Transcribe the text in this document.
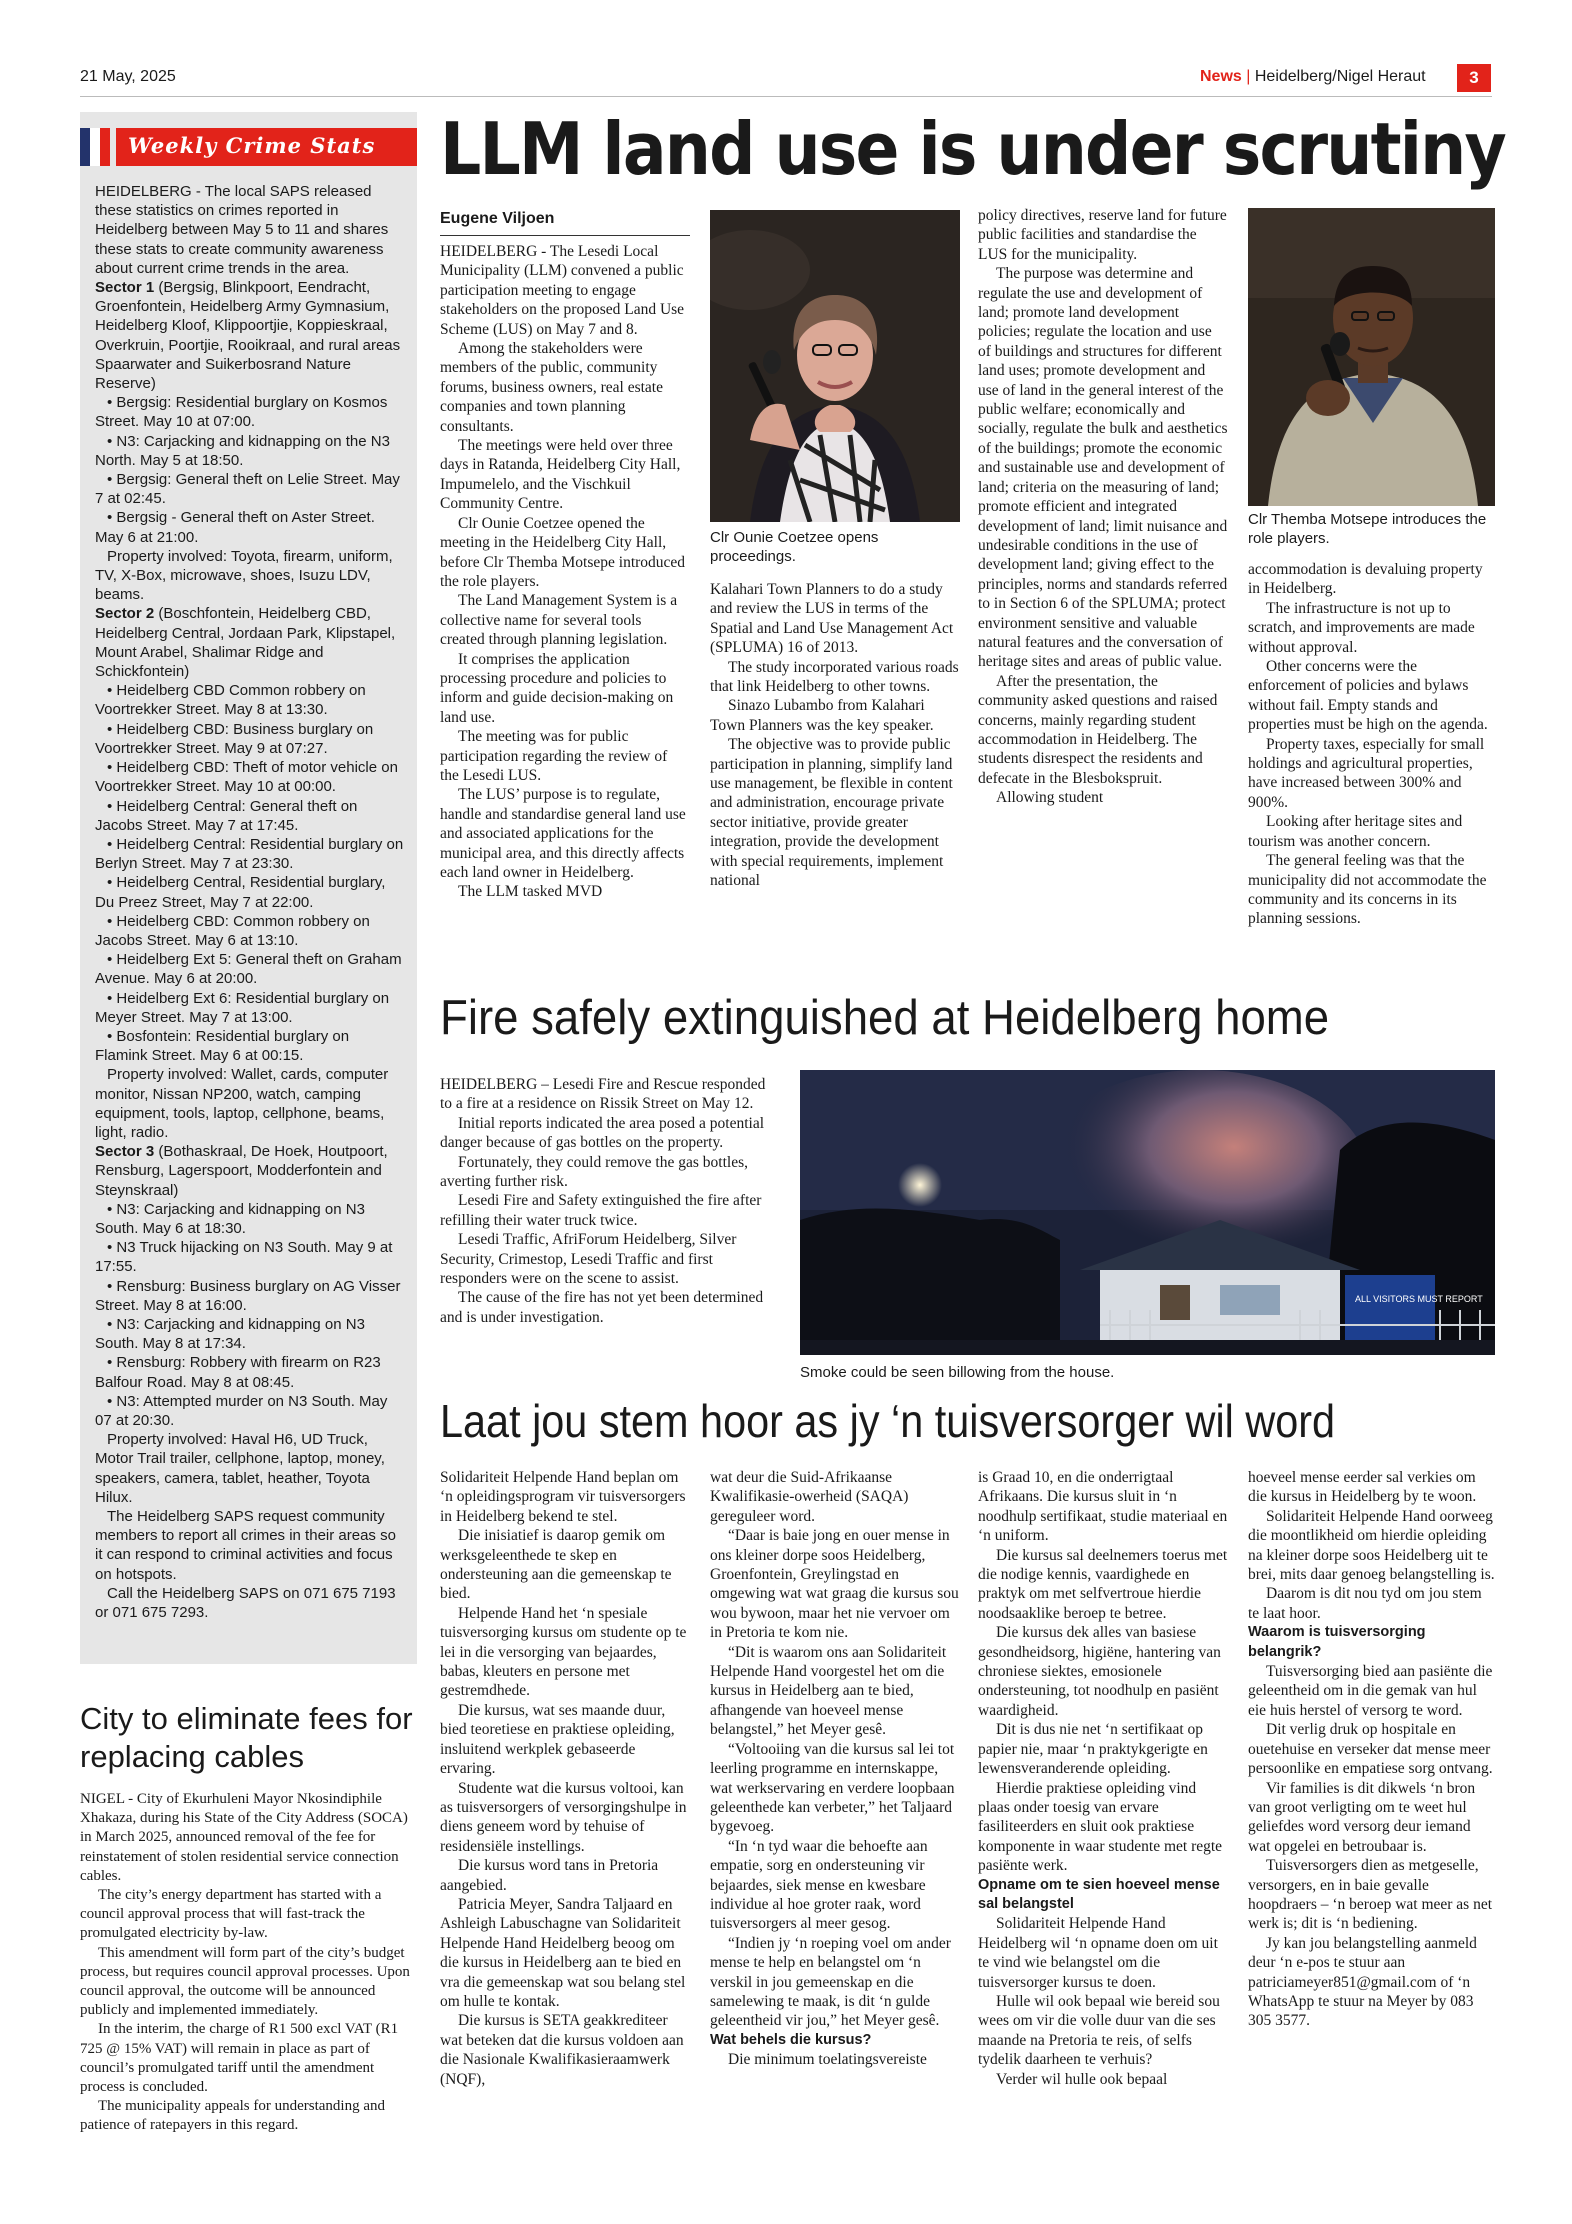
21 May, 2025	News | Heidelberg/Nigel Heraut	3
Weekly Crime Stats

HEIDELBERG - The local SAPS released these statistics on crimes reported in Heidelberg between May 5 to 11 and shares these stats to create community awareness about current crime trends in the area.

Sector 1 (Bergsig, Blinkpoort, Eendracht, Groenfontein, Heidelberg Army Gymnasium, Heidelberg Kloof, Klippoortjie, Koppieskraal, Overkruin, Poortjie, Rooikraal, and rural areas Spaarwater and Suikerbosrand Nature Reserve)

• Bergsig: Residential burglary on Kosmos Street. May 10 at 07:00.

• N3: Carjacking and kidnapping on the N3 North. May 5 at 18:50.

• Bergsig: General theft on Lelie Street. May 7 at 02:45.

• Bergsig - General theft on Aster Street. May 6 at 21:00.

Property involved: Toyota, firearm, uniform, TV, X-Box, microwave, shoes, Isuzu LDV, beams.

Sector 2 (Boschfontein, Heidelberg CBD, Heidelberg Central, Jordaan Park, Klipstapel, Mount Arabel, Shalimar Ridge and Schickfontein)

• Heidelberg CBD Common robbery on Voortrekker Street. May 8 at 13:30.

• Heidelberg CBD: Business burglary on Voortrekker Street. May 9 at 07:27.

• Heidelberg CBD: Theft of motor vehicle on Voortrekker Street. May 10 at 00:00.

• Heidelberg Central: General theft on Jacobs Street. May 7 at 17:45.

• Heidelberg Central: Residential burglary on Berlyn Street. May 7 at 23:30.

• Heidelberg Central, Residential burglary, Du Preez Street, May 7 at 22:00.

• Heidelberg CBD: Common robbery on Jacobs Street. May 6 at 13:10.

• Heidelberg Ext 5: General theft on Graham Avenue. May 6 at 20:00.

• Heidelberg Ext 6: Residential burglary on Meyer Street. May 7 at 13:00.

• Bosfontein: Residential burglary on Flamink Street. May 6 at 00:15.

Property involved: Wallet, cards, computer monitor, Nissan NP200, watch, camping equipment, tools, laptop, cellphone, beams, light, radio.

Sector 3 (Bothaskraal, De Hoek, Houtpoort, Rensburg, Lagerspoort, Modderfontein and Steynskraal)

• N3: Carjacking and kidnapping on N3 South. May 6 at 18:30.

• N3 Truck hijacking on N3 South. May 9 at 17:55.

• Rensburg: Business burglary on AG Visser Street. May 8 at 16:00.

• N3: Carjacking and kidnapping on N3 South. May 8 at 17:34.

• Rensburg: Robbery with firearm on R23 Balfour Road. May 8 at 08:45.

• N3: Attempted murder on N3 South. May 07 at 20:30.

Property involved: Haval H6, UD Truck, Motor Trail trailer, cellphone, laptop, money, speakers, camera, tablet, heather, Toyota Hilux.

The Heidelberg SAPS request community members to report all crimes in their areas so it can respond to criminal activities and focus on hotspots.

Call the Heidelberg SAPS on 071 675 7193 or 071 675 7293.

City to eliminate fees for replacing cables

NIGEL - City of Ekurhuleni Mayor Nkosindiphile Xhakaza, during his State of the City Address (SOCA) in March 2025, announced removal of the fee for reinstatement of stolen residential service connection cables.

The city’s energy department has started with a council approval process that will fast-track the promulgated electricity by-law.

This amendment will form part of the city’s budget process, but requires council approval processes. Upon council approval, the outcome will be announced publicly and implemented immediately.

In the interim, the charge of R1 500 excl VAT (R1 725 @ 15% VAT) will remain in place as part of council’s promulgated tariff until the amendment process is concluded.

The municipality appeals for understanding and patience of ratepayers in this regard.

LLM land use is under scrutiny
Eugene Viljoen

HEIDELBERG - The Lesedi Local Municipality (LLM) convened a public participation meeting to engage stakeholders on the proposed Land Use Scheme (LUS) on May 7 and 8.

Among the stakeholders were members of the public, community forums, business owners, real estate companies and town planning consultants.

The meetings were held over three days in Ratanda, Heidelberg City Hall, Impumelelo, and the Vischkuil Community Centre.

Clr Ounie Coetzee opened the meeting in the Heidelberg City Hall, before Clr Themba Motsepe introduced the role players.

The Land Management System is a collective name for several tools created through planning legislation.

It comprises the application processing procedure and policies to inform and guide decision-making on land use.

The meeting was for public participation regarding the review of the Lesedi LUS.

The LUS’ purpose is to regulate, handle and standardise general land use and associated applications for the municipal area, and this directly affects each land owner in Heidelberg.

The LLM tasked MVD

Clr Ounie Coetzee opens proceedings.

Kalahari Town Planners to do a study and review the LUS in terms of the Spatial and Land Use Management Act (SPLUMA) 16 of 2013.

The study incorporated various roads that link Heidelberg to other towns.

Sinazo Lubambo from Kalahari Town Planners was the key speaker.

The objective was to provide public participation in planning, simplify land use management, be flexible in content and administration, encourage private sector initiative, provide greater integration, provide the development with special requirements, implement national

policy directives, reserve land for future public facilities and standardise the LUS for the municipality.

The purpose was determine and regulate the use and development of land; promote land development policies; regulate the location and use of buildings and structures for different land uses; promote development and use of land in the general interest of the public welfare; economically and socially, regulate the bulk and aesthetics of the buildings; promote the economic and sustainable use and development of land; criteria on the measuring of land; promote efficient and integrated development of land; limit nuisance and undesirable conditions in the use of development land; giving effect to the principles, norms and standards referred to in Section 6 of the SPLUMA; protect environment sensitive and valuable natural features and the conversation of heritage sites and areas of public value.

After the presentation, the community asked questions and raised concerns, mainly regarding student accommodation in Heidelberg. The students disrespect the residents and defecate in the Blesbokspruit.

Allowing student

Clr Themba Motsepe introduces the role players.

accommodation is devaluing property in Heidelberg.

The infrastructure is not up to scratch, and improvements are made without approval.

Other concerns were the enforcement of policies and bylaws without fail. Empty stands and properties must be high on the agenda.

Property taxes, especially for small holdings and agricultural properties, have increased between 300% and 900%.

Looking after heritage sites and tourism was another concern.

The general feeling was that the municipality did not accommodate the community and its concerns in its planning sessions.

Fire safely extinguished at Heidelberg home

HEIDELBERG – Lesedi Fire and Rescue responded to a fire at a residence on Rissik Street on May 12.

Initial reports indicated the area posed a potential danger because of gas bottles on the property.

Fortunately, they could remove the gas bottles, averting further risk.

Lesedi Fire and Safety extinguished the fire after refilling their water truck twice.

Lesedi Traffic, AfriForum Heidelberg, Silver Security, Crimestop, Lesedi Traffic and first responders were on the scene to assist.

The cause of the fire has not yet been determined and is under investigation.

ALL VISITORS MUST REPORT
Smoke could be seen billowing from the house.
Laat jou stem hoor as jy ‘n tuisversorger wil word

Solidariteit Helpende Hand beplan om ‘n opleidingsprogram vir tuisversorgers in Heidelberg bekend te stel.

Die inisiatief is daarop gemik om werksgeleenthede te skep en ondersteuning aan die gemeenskap te bied.

Helpende Hand het ‘n spesiale tuisversorging kursus om studente op te lei in die versorging van bejaardes, babas, kleuters en persone met gestremdhede.

Die kursus, wat ses maande duur, bied teoretiese en praktiese opleiding, insluitend werkplek gebaseerde ervaring.

Studente wat die kursus voltooi, kan as tuisversorgers of versorgingshulpe in diens geneem word by tehuise of residensiële instellings.

Die kursus word tans in Pretoria aangebied.

Patricia Meyer, Sandra Taljaard en Ashleigh Labuschagne van Solidariteit Helpende Hand Heidelberg beoog om die kursus in Heidelberg aan te bied en vra die gemeenskap wat sou belang stel om hulle te kontak.

Die kursus is SETA geakkrediteer wat beteken dat die kursus voldoen aan die Nasionale Kwalifikasieraamwerk (NQF),

wat deur die Suid-Afrikaanse Kwalifikasie-owerheid (SAQA) gereguleer word.

“Daar is baie jong en ouer mense in ons kleiner dorpe soos Heidelberg, Groenfontein, Greylingstad en omgewing wat wat graag die kursus sou wou bywoon, maar het nie vervoer om in Pretoria te kom nie.

“Dit is waarom ons aan Solidariteit Helpende Hand voorgestel het om die kursus in Heidelberg aan te bied, afhangende van hoeveel mense belangstel,” het Meyer gesê.

“Voltooiing van die kursus sal lei tot leerling programme en internskappe, wat werkservaring en verdere loopbaan geleenthede kan verbeter,” het Taljaard bygevoeg.

“In ‘n tyd waar die behoefte aan empatie, sorg en ondersteuning vir bejaardes, siek mense en kwesbare individue al hoe groter raak, word tuisversorgers al meer gesog.

“Indien jy ‘n roeping voel om ander mense te help en belangstel om ‘n verskil in jou gemeenskap en die samelewing te maak, is dit ‘n gulde geleentheid vir jou,” het Meyer gesê.

Wat behels die kursus?

Die minimum toelatingsvereiste

is Graad 10, en die onderrigtaal Afrikaans. Die kursus sluit in ‘n noodhulp sertifikaat, studie materiaal en ‘n uniform.

Die kursus sal deelnemers toerus met die nodige kennis, vaardighede en praktyk om met selfvertroue hierdie noodsaaklike beroep te betree.

Die kursus dek alles van basiese gesondheidsorg, higiëne, hantering van chroniese siektes, emosionele ondersteuning, tot noodhulp en pasiënt waardigheid.

Dit is dus nie net ‘n sertifikaat op papier nie, maar ‘n praktykgerigte en lewensveranderende opleiding.

Hierdie praktiese opleiding vind plaas onder toesig van ervare fasiliteerders en sluit ook praktiese komponente in waar studente met regte pasiënte werk.

Opname om te sien hoeveel mense sal belangstel

Solidariteit Helpende Hand Heidelberg wil ‘n opname doen om uit te vind wie belangstel om die tuisversorger kursus te doen.

Hulle wil ook bepaal wie bereid sou wees om vir die volle duur van die ses maande na Pretoria te reis, of selfs tydelik daarheen te verhuis?

Verder wil hulle ook bepaal

hoeveel mense eerder sal verkies om die kursus in Heidelberg by te woon.

Solidariteit Helpende Hand oorweeg die moontlikheid om hierdie opleiding na kleiner dorpe soos Heidelberg uit te brei, mits daar genoeg belangstelling is.

Daarom is dit nou tyd om jou stem te laat hoor.

Waarom is tuisversorging belangrik?

Tuisversorging bied aan pasiënte die geleentheid om in die gemak van hul eie huis herstel of versorg te word.

Dit verlig druk op hospitale en ouetehuise en verseker dat mense meer persoonlike en empatiese sorg ontvang.

Vir families is dit dikwels ‘n bron van groot verligting om te weet hul geliefdes word versorg deur iemand wat opgelei en betroubaar is.

Tuisversorgers dien as metgeselle, versorgers, en in baie gevalle hoopdraers – ‘n beroep wat meer as net werk is; dit is ‘n bediening.

Jy kan jou belangstelling aanmeld deur ‘n e-pos te stuur aan patriciameyer851@gmail.com of ‘n WhatsApp te stuur na Meyer by 083 305 3577.
